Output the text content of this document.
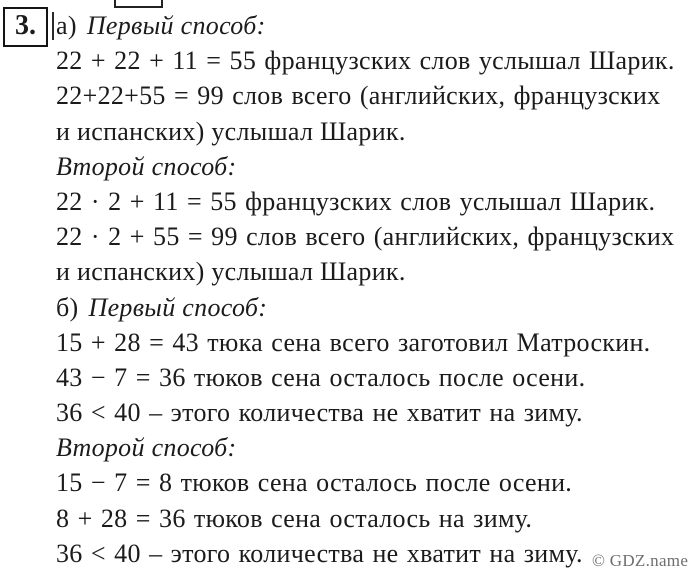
3. а) Первый способ:
22 + 22 + 11 = 55 французских слов услышал Шарик.
22+22+55 = 99 слов всего (английских, французских
и испанских) услышал Шарик.
Второй способ:
22 · 2 + 11 = 55 французских слов услышал Шарик.
22 · 2 + 55 = 99 слов всего (английских, французских
и испанских) услышал Шарик.
б) Первый способ:
15 + 28 = 43 тюка сена всего заготовил Матроскин.
43 − 7 = 36 тюков сена осталось после осени.
36 < 40 – этого количества не хватит на зиму.
Второй способ:
15 − 7 = 8 тюков сена осталось после осени.
8 + 28 = 36 тюков сена осталось на зиму.
36 < 40 – этого количества не хватит на зиму. © GDZ.name
